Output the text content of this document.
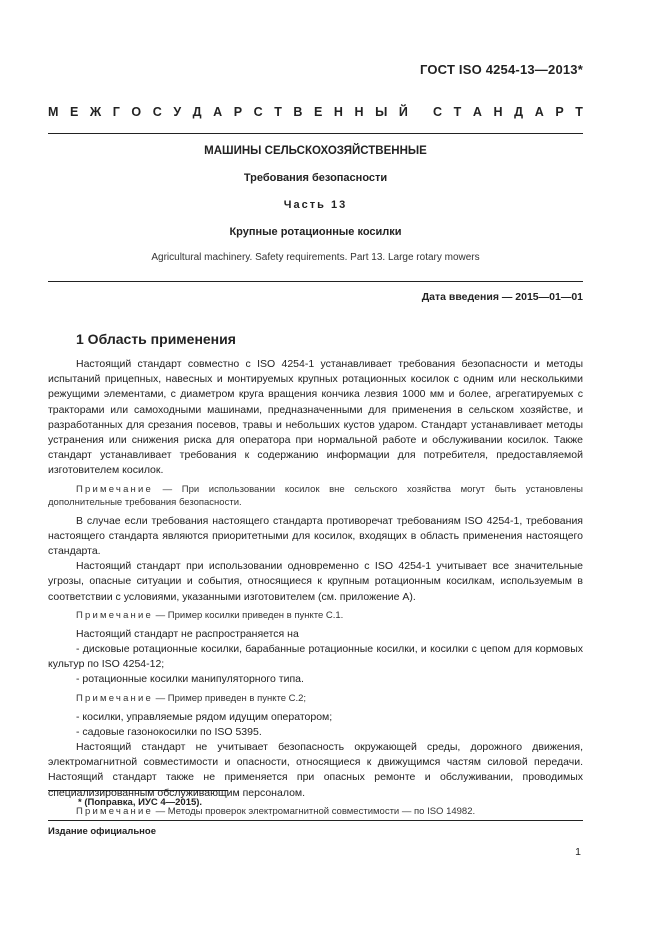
ГОСТ ISO 4254-13—2013*
М Е Ж Г О С У Д А Р С Т В Е Н Н Ы Й С Т А Н Д А Р Т
МАШИНЫ СЕЛЬСКОХОЗЯЙСТВЕННЫЕ
Требования безопасности
Часть 13
Крупные ротационные косилки
Agricultural machinery. Safety requirements. Part 13. Large rotary mowers
Дата введения — 2015—01—01
1 Область применения

Настоящий стандарт совместно с ISO 4254-1 устанавливает требования безопасности и методы испытаний прицепных, навесных и монтируемых крупных ротационных косилок с одним или несколькими режущими элементами, с диаметром круга вращения кончика лезвия 1000 мм и более, агрегатируемых с тракторами или самоходными машинами, предназначенными для применения в сельском хозяйстве, и разработанных для срезания посевов, травы и небольших кустов ударом. Стандарт устанавливает методы устранения или снижения риска для оператора при нормальной работе и обслуживании косилок. Также стандарт устанавливает требования к содержанию информации для потребителя, предоставляемой изготовителем косилок.

Примечание — При использовании косилок вне сельского хозяйства могут быть установлены дополнительные требования безопасности.

В случае если требования настоящего стандарта противоречат требованиям ISO 4254-1, требования настоящего стандарта являются приоритетными для косилок, входящих в область применения настоящего стандарта.

Настоящий стандарт при использовании одновременно с ISO 4254-1 учитывает все значительные угрозы, опасные ситуации и события, относящиеся к крупным ротационным косилкам, используемым в соответствии с условиями, указанными изготовителем (см. приложение А).

Примечание — Пример косилки приведен в пункте С.1.

Настоящий стандарт не распространяется на

- дисковые ротационные косилки, барабанные ротационные косилки, и косилки с цепом для кормовых культур по ISO 4254-12;

- ротационные косилки манипуляторного типа.

Примечание — Пример приведен в пункте С.2;

- косилки, управляемые рядом идущим оператором;

- садовые газонокосилки по ISO 5395.

Настоящий стандарт не учитывает безопасность окружающей среды, дорожного движения, электромагнитной совместимости и опасности, относящиеся к движущимся частям силовой передачи. Настоящий стандарт также не применяется при опасных ремонте и обслуживании, проводимых специализированным обслуживающим персоналом.

Примечание — Методы проверок электромагнитной совместимости — по ISO 14982.

* (Поправка, ИУС 4—2015).
Издание официальное
1
